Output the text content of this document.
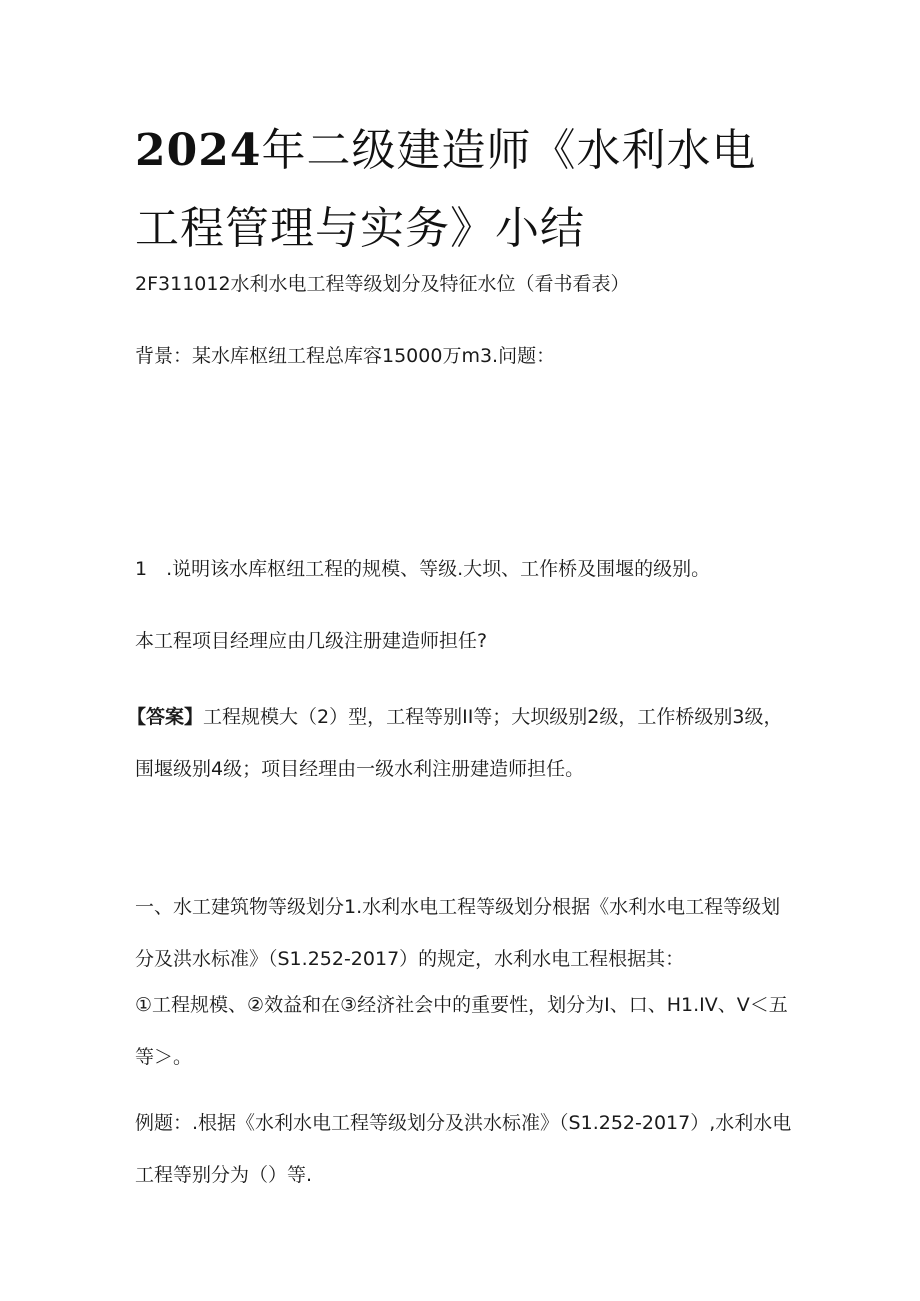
2024年二级建造师《水利水电工程管理与实务》小结

2F311012水利水电工程等级划分及特征水位（看书看表）

背景：某水库枢纽工程总库容15000万m3.问题：

1　.说明该水库枢纽工程的规模、等级.大坝、工作桥及围堰的级别。

本工程项目经理应由几级注册建造师担任?

【答案】工程规模大（2）型，工程等别II等；大坝级别2级，工作桥级别3级，围堰级别4级；项目经理由一级水利注册建造师担任。

一、水工建筑物等级划分1.水利水电工程等级划分根据《水利水电工程等级划分及洪水标准》（S1.252-2017）的规定，水利水电工程根据其：

①工程规模、②效益和在③经济社会中的重要性，划分为I、口、H1.IV、V＜五等＞。

例题：.根据《水利水电工程等级划分及洪水标准》（S1.252-2017）,水利水电工程等别分为（）等.
